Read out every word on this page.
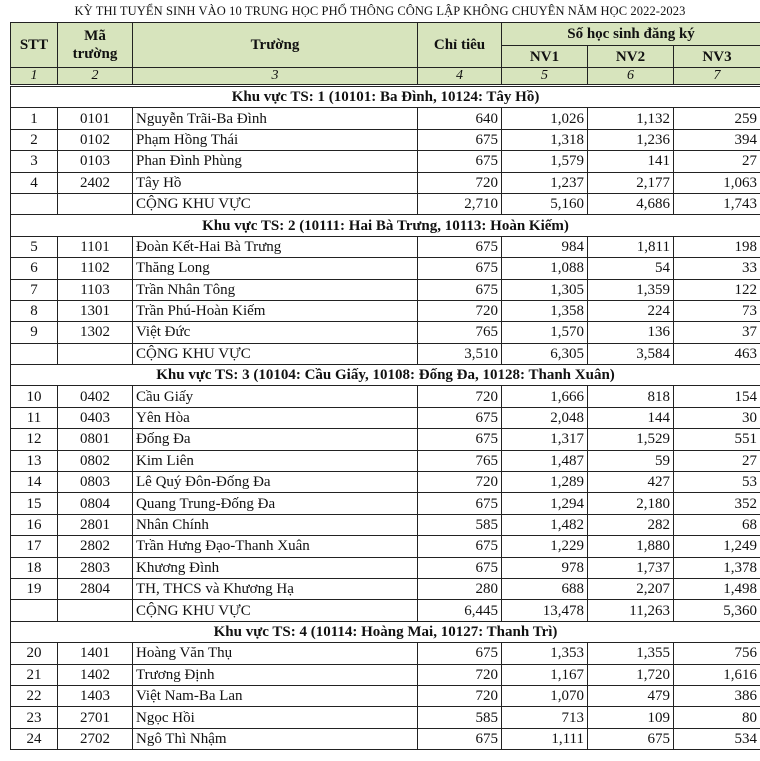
KỲ THI TUYỂN SINH VÀO 10 TRUNG HỌC PHỔ THÔNG CÔNG LẬP KHÔNG CHUYÊN NĂM HỌC 2022-2023
STT	Mã trường	Trường	Chỉ tiêu	Số học sinh đăng ký		
				NV1	NV2	NV3
1	2	3	4	5	6	7
Khu vực TS: 1 (10101: Ba Đình, 10124: Tây Hồ)						
1	0101	Nguyễn Trãi-Ba Đình	640	1,026	1,132	259
2	0102	Phạm Hồng Thái	675	1,318	1,236	394
3	0103	Phan Đình Phùng	675	1,579	141	27
4	2402	Tây Hồ	720	1,237	2,177	1,063
		CỘNG KHU VỰC	2,710	5,160	4,686	1,743
Khu vực TS: 2 (10111: Hai Bà Trưng, 10113: Hoàn Kiếm)						
5	1101	Đoàn Kết-Hai Bà Trưng	675	984	1,811	198
6	1102	Thăng Long	675	1,088	54	33
7	1103	Trần Nhân Tông	675	1,305	1,359	122
8	1301	Trần Phú-Hoàn Kiếm	720	1,358	224	73
9	1302	Việt Đức	765	1,570	136	37
		CỘNG KHU VỰC	3,510	6,305	3,584	463
Khu vực TS: 3 (10104: Cầu Giấy, 10108: Đống Đa, 10128: Thanh Xuân)						
10	0402	Cầu Giấy	720	1,666	818	154
11	0403	Yên Hòa	675	2,048	144	30
12	0801	Đống Đa	675	1,317	1,529	551
13	0802	Kim Liên	765	1,487	59	27
14	0803	Lê Quý Đôn-Đống Đa	720	1,289	427	53
15	0804	Quang Trung-Đống Đa	675	1,294	2,180	352
16	2801	Nhân Chính	585	1,482	282	68
17	2802	Trần Hưng Đạo-Thanh Xuân	675	1,229	1,880	1,249
18	2803	Khương Đình	675	978	1,737	1,378
19	2804	TH, THCS và Khương Hạ	280	688	2,207	1,498
		CỘNG KHU VỰC	6,445	13,478	11,263	5,360
Khu vực TS: 4 (10114: Hoàng Mai, 10127: Thanh Trì)						
20	1401	Hoàng Văn Thụ	675	1,353	1,355	756
21	1402	Trương Định	720	1,167	1,720	1,616
22	1403	Việt Nam-Ba Lan	720	1,070	479	386
23	2701	Ngọc Hồi	585	713	109	80
24	2702	Ngô Thì Nhậm	675	1,111	675	534
